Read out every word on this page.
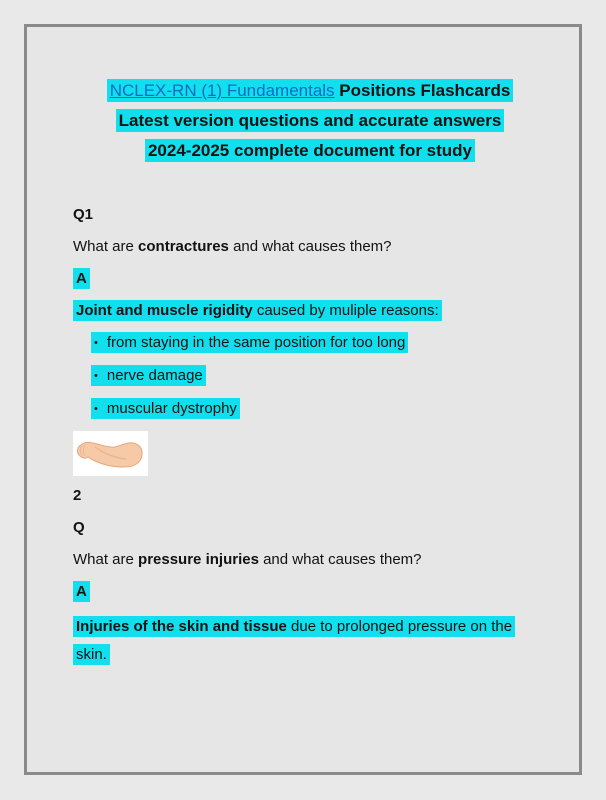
NCLEX-RN (1) Fundamentals Positions Flashcards
Latest version questions and accurate answers
2024-2025 complete document for study

Q1

What are contractures and what causes them?

A

Joint and muscle rigidity caused by muliple reasons:

• from staying in the same position for too long

• nerve damage

• muscular dystrophy

2

Q

What are pressure injuries and what causes them?

A

Injuries of the skin and tissue due to prolonged pressure on the skin.
